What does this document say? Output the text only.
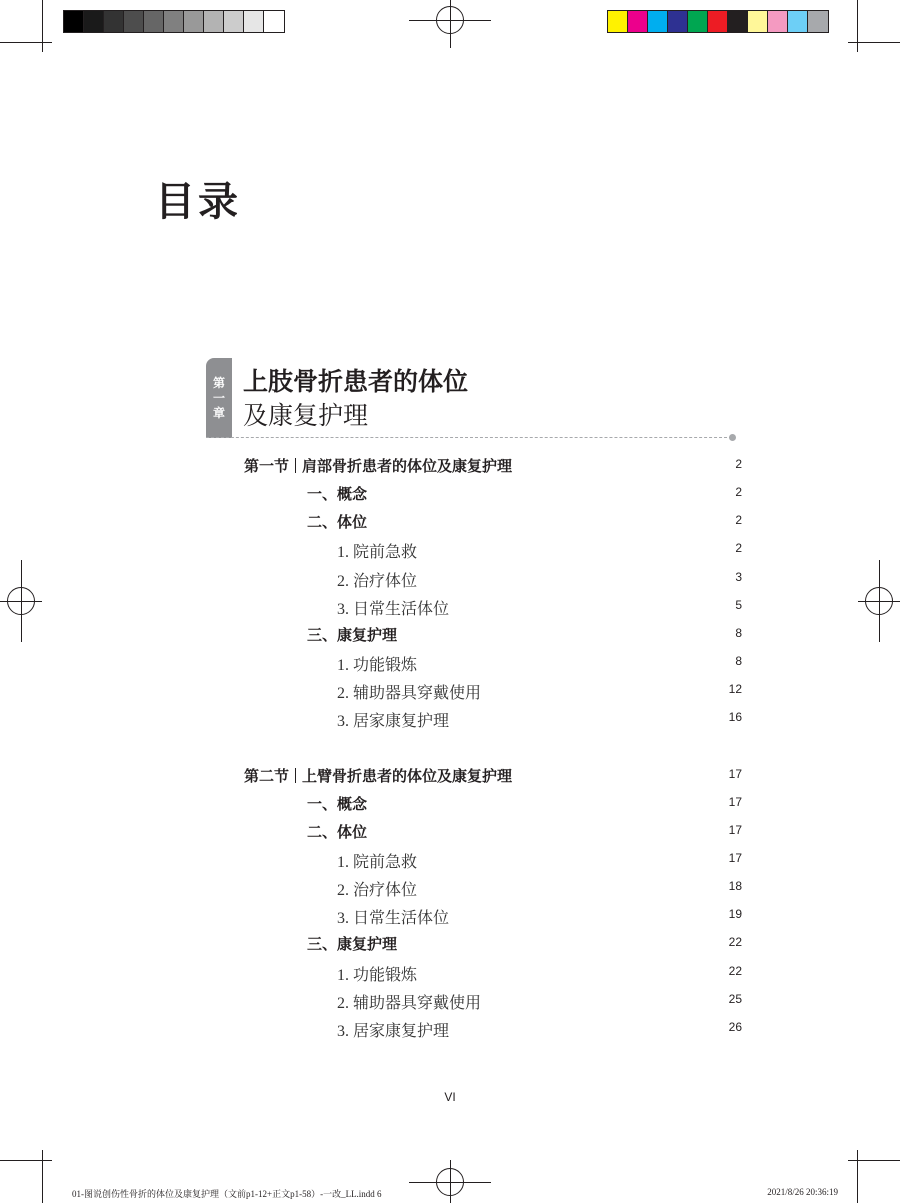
目录
第
一
章
上肢骨折患者的体位
及康复护理
第一节 肩部骨折患者的体位及康复护理	2
一、概念	2
二、体位	2
1. 院前急救	2
2. 治疗体位	3
3. 日常生活体位	5
三、康复护理	8
1. 功能锻炼	8
2. 辅助器具穿戴使用	12
3. 居家康复护理	16
第二节 上臂骨折患者的体位及康复护理	17
一、概念	17
二、体位	17
1. 院前急救	17
2. 治疗体位	18
3. 日常生活体位	19
三、康复护理	22
1. 功能锻炼	22
2. 辅助器具穿戴使用	25
3. 居家康复护理	26
VI
01-图说创伤性骨折的体位及康复护理（文前p1-12+正文p1-58）-一改_LL.indd 6	2021/8/26 20:36:19
